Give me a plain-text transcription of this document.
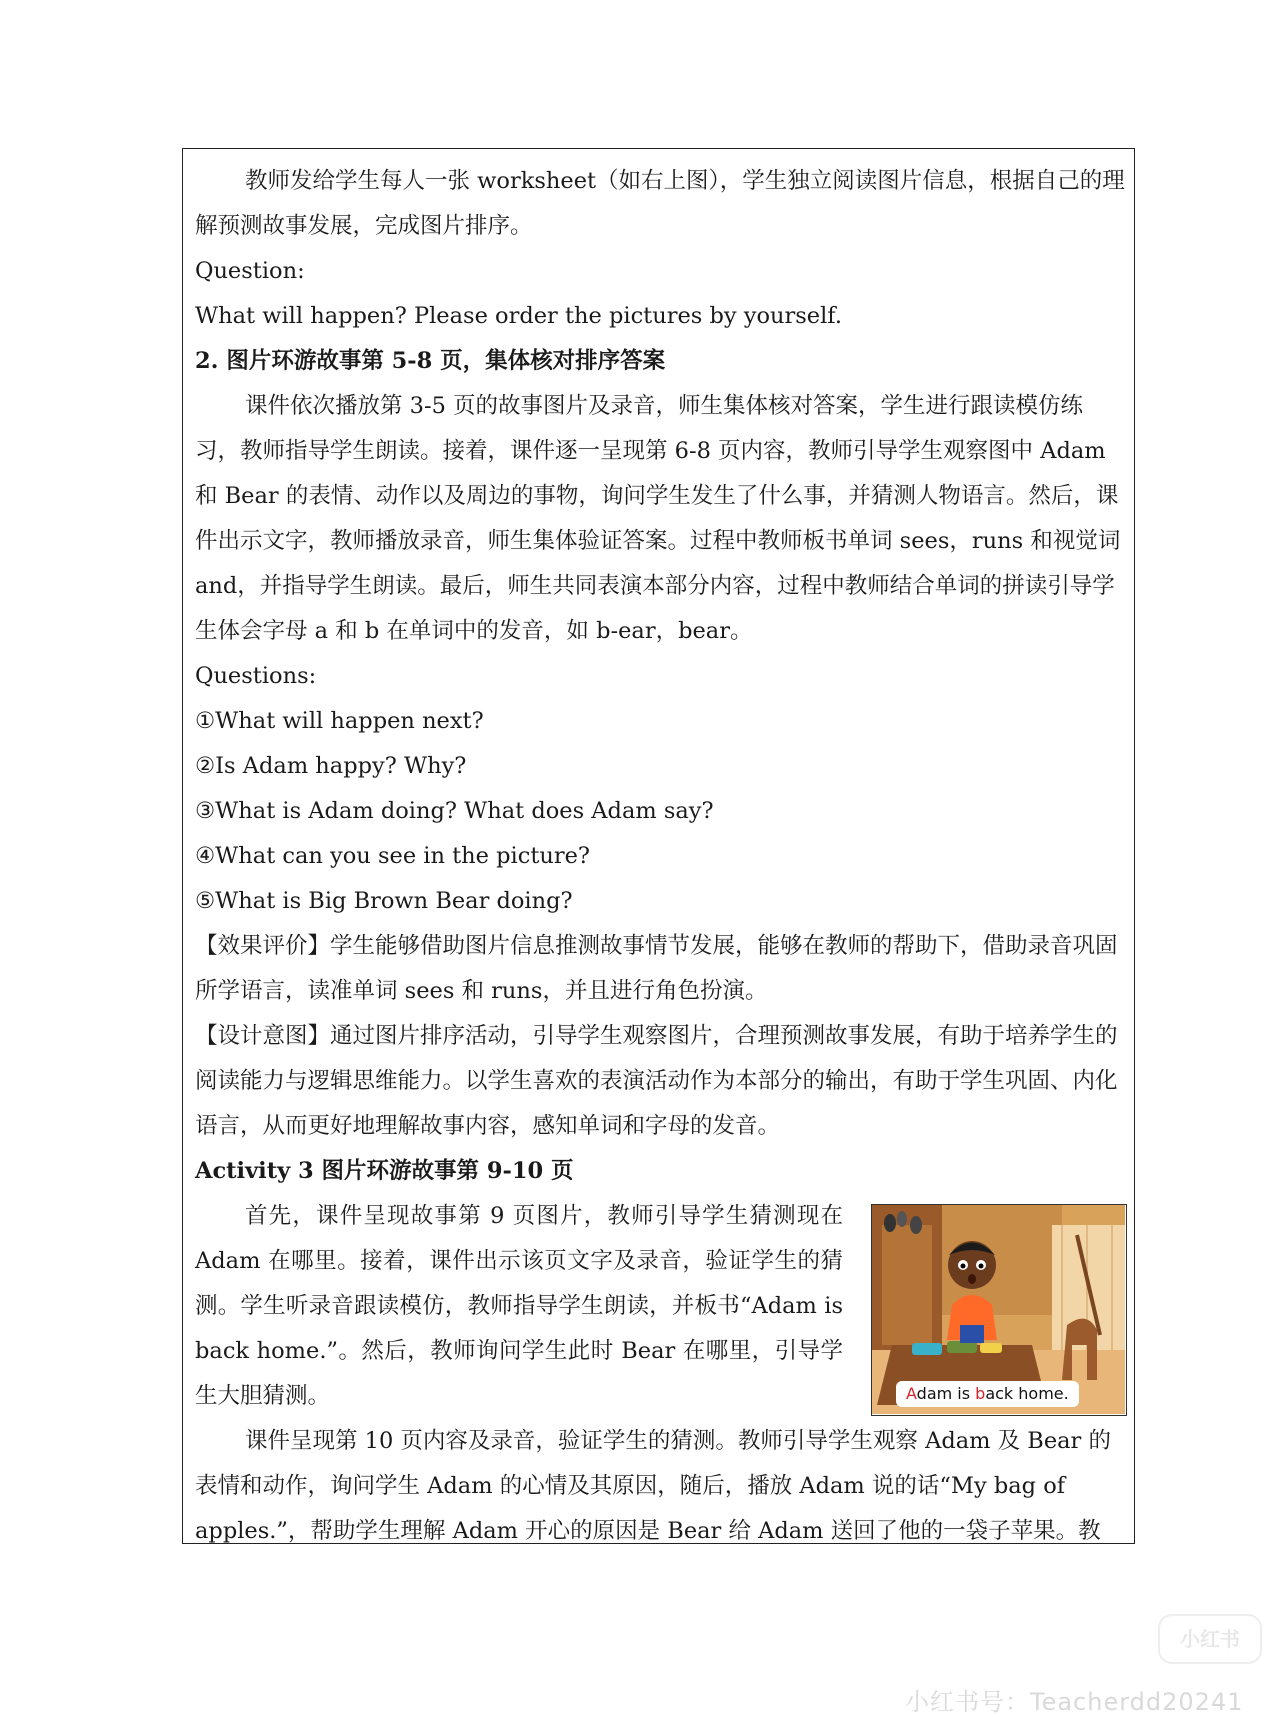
教师发给学生每人一张 worksheet（如右上图），学生独立阅读图片信息，根据自己的理解预测故事发展，完成图片排序。

Question:

What will happen? Please order the pictures by yourself.

2. 图片环游故事第 5-8 页，集体核对排序答案

课件依次播放第 3-5 页的故事图片及录音，师生集体核对答案，学生进行跟读模仿练习，教师指导学生朗读。接着，课件逐一呈现第 6-8 页内容，教师引导学生观察图中 Adam 和 Bear 的表情、动作以及周边的事物，询问学生发生了什么事，并猜测人物语言。然后，课件出示文字，教师播放录音，师生集体验证答案。过程中教师板书单词 sees，runs 和视觉词 and，并指导学生朗读。最后，师生共同表演本部分内容，过程中教师结合单词的拼读引导学生体会字母 a 和 b 在单词中的发音，如 b-ear，bear。

Questions:

①What will happen next?

②Is Adam happy? Why?

③What is Adam doing? What does Adam say?

④What can you see in the picture?

⑤What is Big Brown Bear doing?

【效果评价】学生能够借助图片信息推测故事情节发展，能够在教师的帮助下，借助录音巩固所学语言，读准单词 sees 和 runs，并且进行角色扮演。

【设计意图】通过图片排序活动，引导学生观察图片，合理预测故事发展，有助于培养学生的阅读能力与逻辑思维能力。以学生喜欢的表演活动作为本部分的输出，有助于学生巩固、内化语言，从而更好地理解故事内容，感知单词和字母的发音。

Activity 3 图片环游故事第 9-10 页

首先，课件呈现故事第 9 页图片，教师引导学生猜测现在 Adam 在哪里。接着，课件出示该页文字及录音，验证学生的猜测。学生听录音跟读模仿，教师指导学生朗读，并板书“Adam is back home.”。然后，教师询问学生此时 Bear 在哪里，引导学生大胆猜测。	Adam is back home.

课件呈现第 10 页内容及录音，验证学生的猜测。教师引导学生观察 Adam 及 Bear 的表情和动作，询问学生 Adam 的心情及其原因，随后，播放 Adam 说的话“My bag of apples.”，帮助学生理解 Adam 开心的原因是 Bear 给 Adam 送回了他的一袋子苹果。教

小红书
小红书号：Teacherdd20241
